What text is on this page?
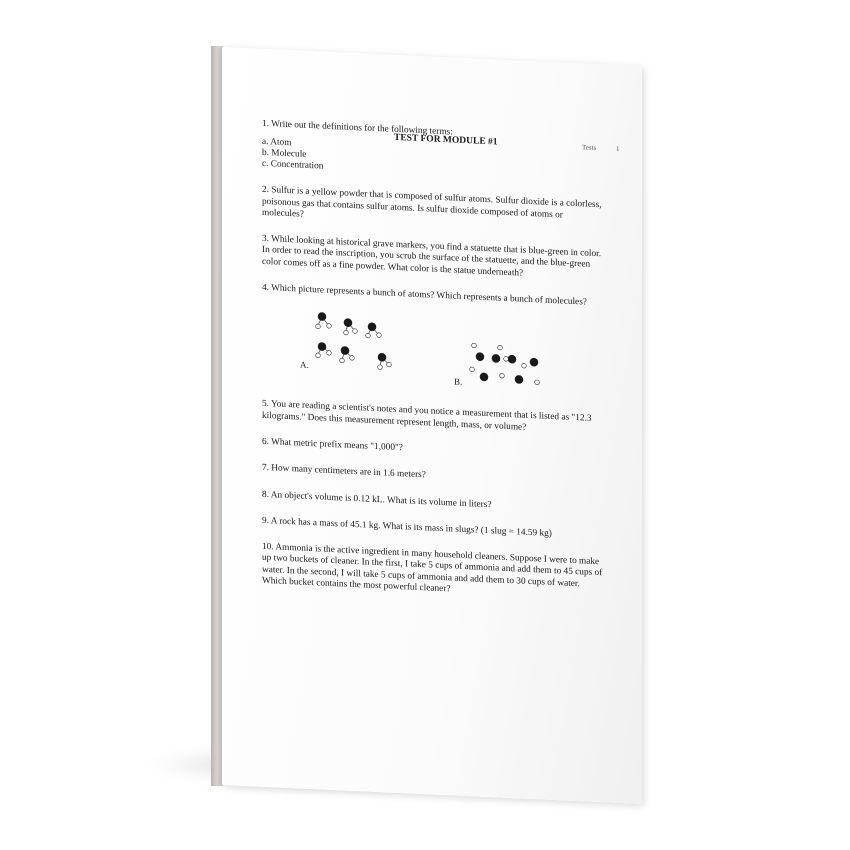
TEST FOR MODULE #1
Tests	1
1. Write out the definitions for the following terms:
a. Atom
b. Molecule
c. Concentration
2. Sulfur is a yellow powder that is composed of sulfur atoms. Sulfur dioxide is a colorless, poisonous gas that contains sulfur atoms. Is sulfur dioxide composed of atoms or molecules?
3. While looking at historical grave markers, you find a statuette that is blue-green in color. In order to read the inscription, you scrub the surface of the statuette, and the blue-green color comes off as a fine powder. What color is the statue underneath?
4. Which picture represents a bunch of atoms? Which represents a bunch of molecules?
A.
B.
5. You are reading a scientist's notes and you notice a measurement that is listed as "12.3 kilograms." Does this measurement represent length, mass, or volume?
6. What metric prefix means "1,000"?
7. How many centimeters are in 1.6 meters?
8. An object's volume is 0.12 kL. What is its volume in liters?
9. A rock has a mass of 45.1 kg. What is its mass in slugs? (1 slug = 14.59 kg)
10. Ammonia is the active ingredient in many household cleaners. Suppose I were to make up two buckets of cleaner. In the first, I take 5 cups of ammonia and add them to 45 cups of water. In the second, I will take 5 cups of ammonia and add them to 30 cups of water. Which bucket contains the most powerful cleaner?
